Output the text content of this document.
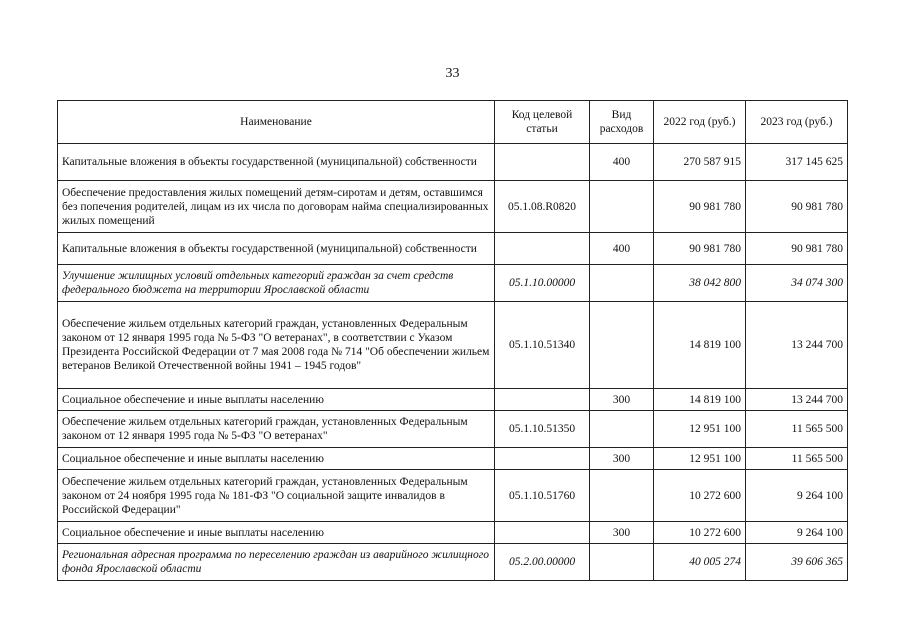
33
Наименование	Код целевой статьи	Вид расходов	2022 год (руб.)	2023 год (руб.)
Капитальные вложения в объекты государственной (муниципальной) собственности		400	270 587 915	317 145 625
Обеспечение предоставления жилых помещений детям-сиротам и детям, оставшимся без попечения родителей, лицам из их числа по договорам найма специализированных жилых помещений	05.1.08.R0820		90 981 780	90 981 780
Капитальные вложения в объекты государственной (муниципальной) собственности		400	90 981 780	90 981 780
Улучшение жилищных условий отдельных категорий граждан за счет средств федерального бюджета на территории Ярославской области	05.1.10.00000		38 042 800	34 074 300
Обеспечение жильем отдельных категорий граждан, установленных Федеральным законом от 12 января 1995 года № 5-ФЗ "О ветеранах", в соответствии с Указом Президента Российской Федерации от 7 мая 2008 года № 714 "Об обеспечении жильем ветеранов Великой Отечественной войны 1941 – 1945 годов"	05.1.10.51340		14 819 100	13 244 700
Социальное обеспечение и иные выплаты населению		300	14 819 100	13 244 700
Обеспечение жильем отдельных категорий граждан, установленных Федеральным законом от 12 января 1995 года № 5-ФЗ "О ветеранах"	05.1.10.51350		12 951 100	11 565 500
Социальное обеспечение и иные выплаты населению		300	12 951 100	11 565 500
Обеспечение жильем отдельных категорий граждан, установленных Федеральным законом от 24 ноября 1995 года № 181-ФЗ "О социальной защите инвалидов в Российской Федерации"	05.1.10.51760		10 272 600	9 264 100
Социальное обеспечение и иные выплаты населению		300	10 272 600	9 264 100
Региональная адресная программа по переселению граждан из аварийного жилищного фонда Ярославской области	05.2.00.00000		40 005 274	39 606 365
